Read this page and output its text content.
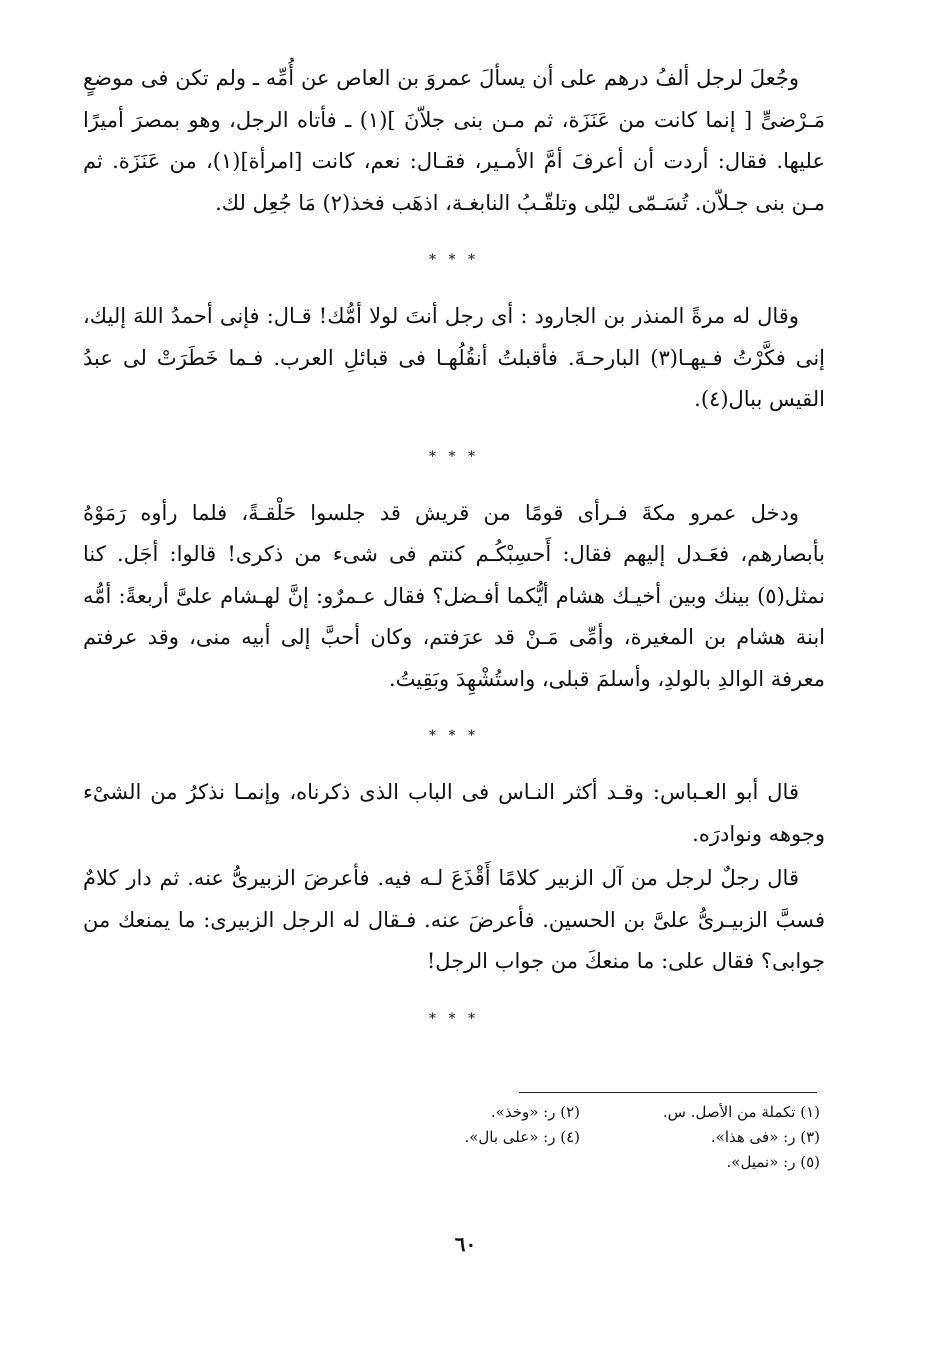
وجُعلَ لرجل ألفُ درهم على أن يسألَ عمروَ بن العاص عن أُمِّه ـ ولم تكن فى موضعٍ مَـرْضىٍّ [ إنما كانت من عَنَزَة، ثم مـن بنى جلاّنَ ](١) ـ فأتاه الرجل، وهو بمصرَ أميرًا عليها. فقال: أردت أن أعرفَ أمَّ الأمـير، فقـال: نعم، كانت [امرأة](١)، من عَنَزَة. ثم مـن بنى جـلاّن. تُسَـمّى ليْلى وتلقّـبُ النابغـة، اذهَب فخذ(٢) مَا جُعِل لك.

* * *

وقال له مرةً المنذر بن الجارود : أى رجل أنتَ لولا أمُّك! قـال: فإنى أحمدُ اللهَ إليك، إنى فكَّرْتُ فـيهـا(٣) البارحـةَ. فأقبلتُ أنقُلُهـا فى قبائلِ العرب. فـما خَطَرَتْ لى عبدُ القيس ببال(٤).

* * *

ودخل عمرو مكةَ فـرأى قومًا من قريش قد جلسوا حَلْقـةً، فلما رأوه رَمَوْهُ بأبصارهم، فعَـدل إليهم فقال: أَحسِبْكُـم كنتم فى شىء من ذكرى! قالوا: أجَل. كنا نمثل(٥) بينك وبين أخيـك هشام أيُّكما أفـضل؟ فقال عـمرٌو: إنَّ لهـشام علىَّ أربعةً: أمُّه ابنة هشام بن المغيرة، وأمِّى مَـنْ قد عرَفتم، وكان أحبَّ إلى أبيه منى، وقد عرفتم معرفة الوالدِ بالولدِ، وأسلمَ قبلى، واستُشْهِدَ وبَقِيتُ.

* * *

قال أبو العـباس: وقـد أكثر النـاس فى الباب الذى ذكرناه، وإنمـا نذكرُ من الشىْء وجوهه ونوادرَه.

قال رجلٌ لرجل من آل الزبير كلامًا أَقْذَعَ لـه فيه. فأعرضَ الزبيرىُّ عنه. ثم دار كلامٌ فسبَّ الزبيـرىُّ علىَّ بن الحسين. فأعرضَ عنه. فـقال له الرجل الزبيرى: ما يمنعك من جوابى؟ فقال على: ما منعكَ من جواب الرجل!

* * *
(١) تكملة من الأصل. س.
(٢) ر: «وخذ».
(٣) ر: «فى هذا».
(٤) ر: «على بال».
(٥) ر: «نميل».
٦٠
